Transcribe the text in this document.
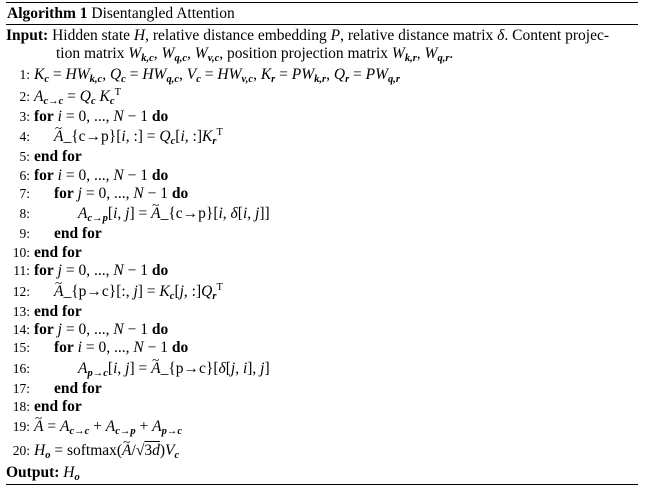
Algorithm 1 Disentangled Attention
Input: Hidden state H, relative distance embedding P, relative distance matrix δ. Content projec-
tion matrix $W_{k,c}$, $W_{q,c}$, $W_{v,c}$, position projection matrix $W_{k,r}$, $W_{q,r}$.
1: $K_c = HW_{k,c}$, $Q_c = HW_{q,c}$, $V_c = HW_{v,c}$, $K_r = PW_{k,r}$, $Q_r = PW_{q,r}$
2: $A_{c\to c} = Q_c$ $K_c^T$
3: for i = 0, ..., N − 1 do
4: ~ A_{c→p}[i, :] = $Q_c[i$, $:]K_r^T$
5: end for
6: for i = 0, ..., N − 1 do
7: for j = 0, ..., N − 1 do
8:	$A_{c\to p}[i$, j] = ~ A_{c→p}[i, δ[i, j]]
9: end for
10: end for
11: for j = 0, ..., N − 1 do
12: ~ A_{p→c}[:, $j] = K_c[j$, $:]Q_r^T$
13: end for
14: for j = 0, ..., N − 1 do
15: for i = 0, ..., N − 1 do
16:	$A_{p\to c}[i$, j] = ~ A_{p→c}[δ[j, i], j]
17: end for
18: end for
19: ~ $A = A_{c\to c} + A_{c\to p} + A_{p\to c}$
20: $H_o$ = softmax(~ $A/√3d)V_c$
Output: $H_o$
